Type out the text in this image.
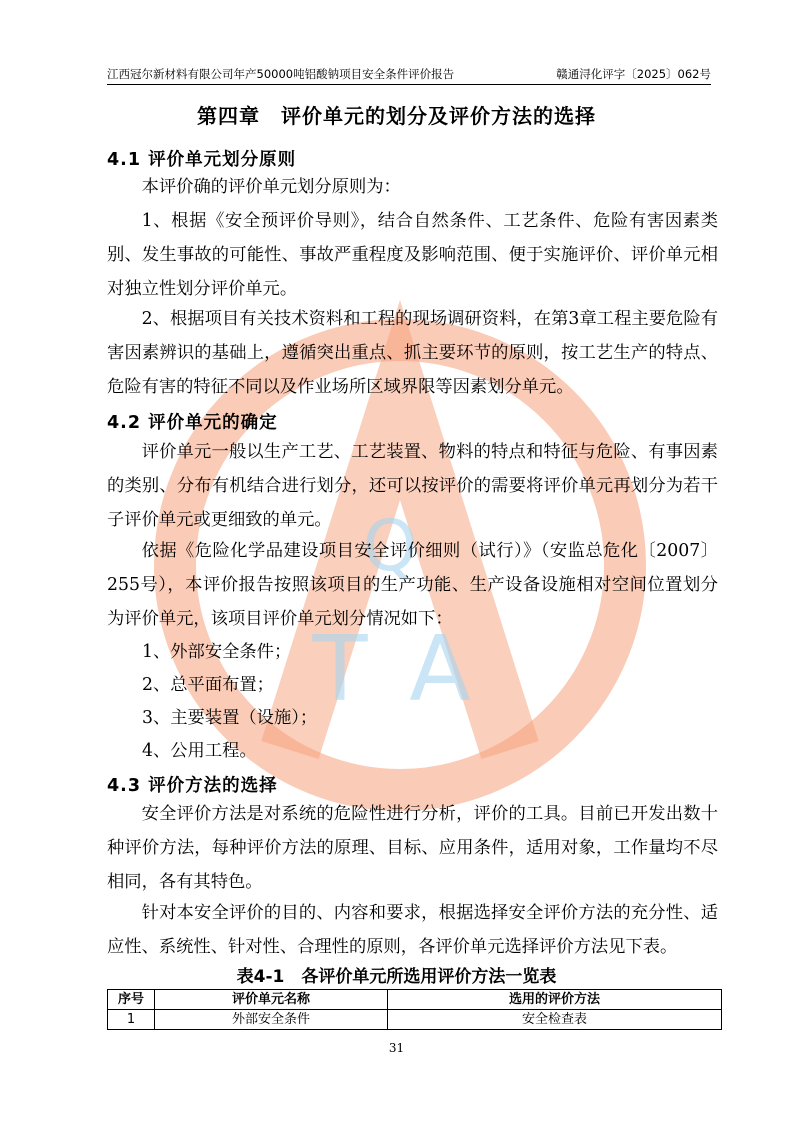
江西冠尔新材料有限公司年产50000吨铝酸钠项目安全条件评价报告	赣通浔化评字〔2025〕062号
Q
T A
第四章　评价单元的划分及评价方法的选择
4.1 评价单元划分原则

本评价确的评价单元划分原则为：

1、根据《安全预评价导则》，结合自然条件、工艺条件、危险有害因素类别、发生事故的可能性、事故严重程度及影响范围、便于实施评价、评价单元相对独立性划分评价单元。

2、根据项目有关技术资料和工程的现场调研资料，在第3章工程主要危险有害因素辨识的基础上，遵循突出重点、抓主要环节的原则，按工艺生产的特点、危险有害的特征不同以及作业场所区域界限等因素划分单元。

4.2 评价单元的确定

评价单元一般以生产工艺、工艺装置、物料的特点和特征与危险、有事因素的类别、分布有机结合进行划分，还可以按评价的需要将评价单元再划分为若干子评价单元或更细致的单元。

依据《危险化学品建设项目安全评价细则（试行）》（安监总危化〔2007〕255号），本评价报告按照该项目的生产功能、生产设备设施相对空间位置划分为评价单元，该项目评价单元划分情况如下：

1、外部安全条件；
2、总平面布置；
3、主要装置（设施）；
4、公用工程。
4.3 评价方法的选择

安全评价方法是对系统的危险性进行分析，评价的工具。目前已开发出数十种评价方法，每种评价方法的原理、目标、应用条件，适用对象，工作量均不尽相同，各有其特色。

针对本安全评价的目的、内容和要求，根据选择安全评价方法的充分性、适应性、系统性、针对性、合理性的原则，各评价单元选择评价方法见下表。

表4-1　各评价单元所选用评价方法一览表
序号	评价单元名称	选用的评价方法
1	外部安全条件	安全检查表
31
